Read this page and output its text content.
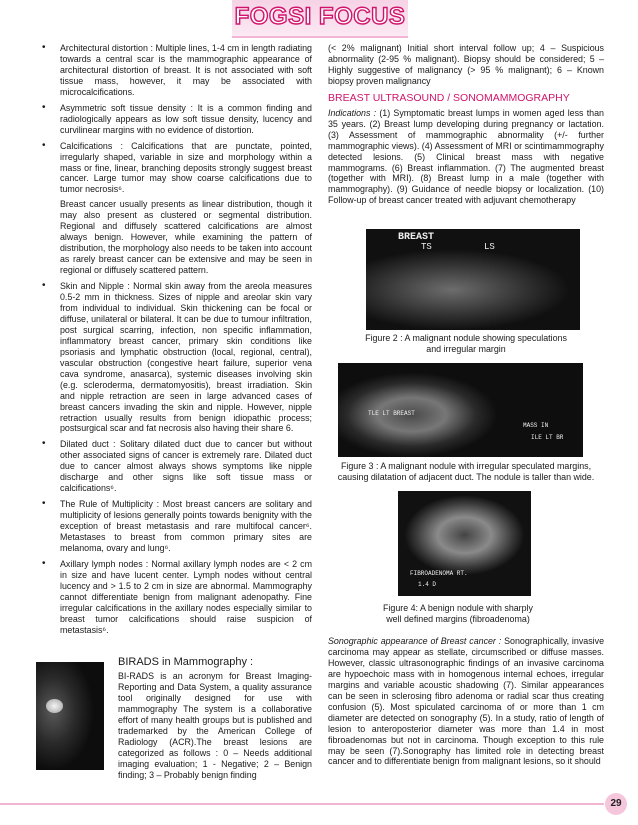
FOGSI FOCUS
• Architectural distortion : Multiple lines, 1-4 cm in length radiating towards a central scar is the mammographic appearance of architectural distortion of breast. It is not associated with soft tissue mass, however, it may be associated with microcalcifications.
• Asymmetric soft tissue density : It is a common finding and radiologically appears as low soft tissue density, lucency and curvilinear margins with no evidence of distortion.
• Calcifications : Calcifications that are punctate, pointed, irregularly shaped, variable in size and morphology within a mass or fine, linear, branching deposits strongly suggest breast cancer. Large tumor may show coarse calcifications due to tumor necrosis⁶.

Breast cancer usually presents as linear distribution, though it may also present as clustered or segmental distribution. Regional and diffusely scattered calcifications are almost always benign. However, while examining the pattern of distribution, the morphology also needs to be taken into account as rarely breast cancer can be extensive and may be seen in regional or diffusely scattered pattern.

• Skin and Nipple : Normal skin away from the areola measures 0.5-2 mm in thickness. Sizes of nipple and areolar skin vary from individual to individual. Skin thickening can be focal or diffuse, unilateral or bilateral. It can be due to tumour infiltration, post surgical scarring, infection, non specific inflammation, inflammatory breast cancer, primary skin conditions like psoriasis and lymphatic obstruction (local, regional, central), vascular obstruction (congestive heart failure, superior vena cava syndrome, anasarca), systemic diseases involving skin (e.g. scleroderma, dermatomyositis), breast irradiation. Skin and nipple retraction are seen in large advanced cases of breast cancers invading the skin and nipple. However, nipple retraction usually results from benign idiopathic process; postsurgical scar and fat necrosis also having their share 6.
• Dilated duct : Solitary dilated duct due to cancer but without other associated signs of cancer is extremely rare. Dilated duct due to cancer almost always shows symptoms like nipple discharge and other signs like soft tissue mass or calcifications⁶.
• The Rule of Multiplicity : Most breast cancers are solitary and multiplicity of lesions generally points towards benignity with the exception of breast metastasis and rare multifocal cancer⁶. Metastases to breast from common primary sites are melanoma, ovary and lung⁶.
• Axillary lymph nodes : Normal axillary lymph nodes are < 2 cm in size and have lucent center. Lymph nodes without central lucency and > 1.5 to 2 cm in size are abnormal. Mammography cannot differentiate benign from malignant adenopathy. Fine irregular calcifications in the axillary nodes especially similar to breast tumor calcifications should raise suspicion of metastasis⁶.
BIRADS in Mammography :
BI-RADS is an acronym for Breast Imaging-Reporting and Data System, a quality assurance tool originally designed for use with mammography The system is a collaborative effort of many health groups but is published and trademarked by the American College of Radiology (ACR).The breast lesions are categorized as follows : 0 – Needs additional imaging evaluation; 1 - Negative; 2 – Benign finding; 3 – Probably benign finding
(< 2% malignant) Initial short interval follow up; 4 – Suspicious abnormality (2-95 % malignant). Biopsy should be considered; 5 – Highly suggestive of malignancy (> 95 % malignant); 6 – Known biopsy proven malignancy
BREAST ULTRASOUND / SONOMAMMOGRAPHY
Indications : (1) Symptomatic breast lumps in women aged less than 35 years. (2) Breast lump developing during pregnancy or lactation. (3) Assessment of mammographic abnormality (+/- further mammographic views). (4) Assessment of MRI or scintimammography detected lesions. (5) Clinical breast mass with negative mammograms. (6) Breast inflammation. (7) The augmented breast (together with MRI). (8) Breast lump in a male (together with mammography). (9) Guidance of needle biopsy or localization. (10) Follow-up of breast cancer treated with adjuvant chemotherapy
BREAST
TS	LS
Figure 2 : A malignant nodule showing speculations
and irregular margin
TLE LT BREAST
MASS IN
ILE LT BR
Figure 3 : A malignant nodule with irregular speculated margins,
causing dilatation of adjacent duct. The nodule is taller than wide.
FIBROADENOMA RT.
1.4 D
Figure 4: A benign nodule with sharply
well defined margins (fibroadenoma)
Sonographic appearance of Breast cancer : Sonographically, invasive carcinoma may appear as stellate, circumscribed or diffuse masses. However, classic ultrasonographic findings of an invasive carcinoma are hypoechoic mass with in homogenous internal echoes, irregular margins and variable acoustic shadowing (7). Similar appearances can be seen in sclerosing fibro adenoma or radial scar thus creating confusion (5). Most spiculated carcinoma of or more than 1 cm diameter are detected on sonography (5). In a study, ratio of length of lesion to anteroposterior diameter was more than 1.4 in most fibroadenomas but not in carcinoma. Though exception to this rule may be seen (7).Sonography has limited role in detecting breast cancer and to differentiate benign from malignant lesions, so it should
29
